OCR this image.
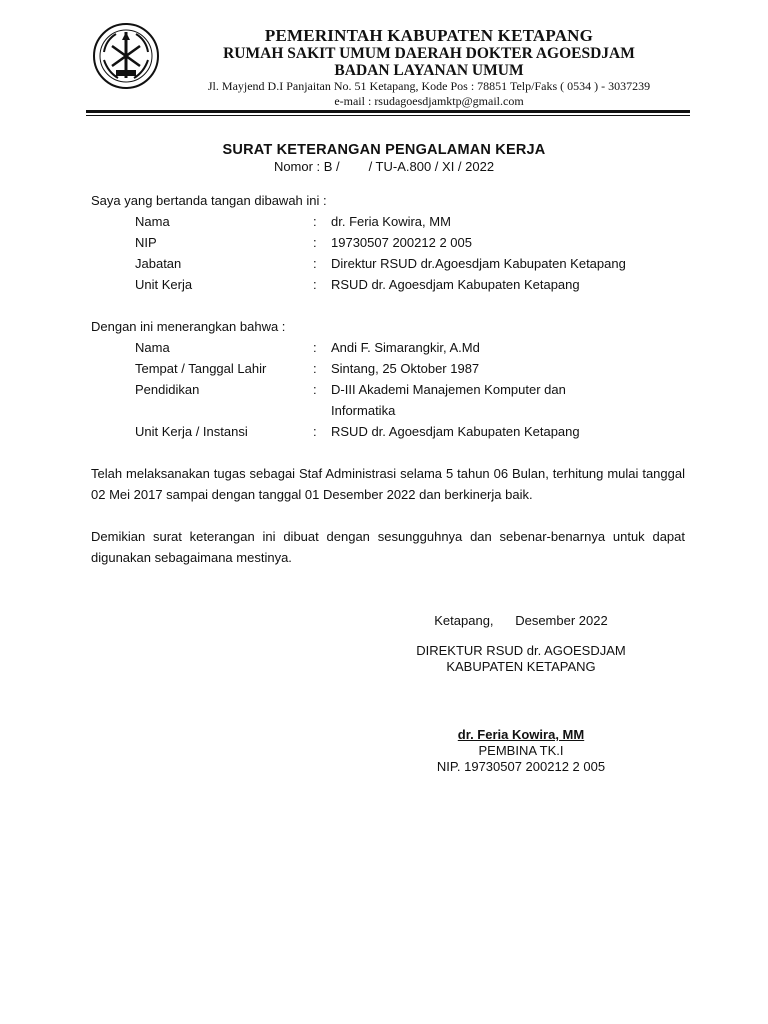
PEMERINTAH KABUPATEN KETAPANG
RUMAH SAKIT UMUM DAERAH DOKTER AGOESDJAM
BADAN LAYANAN UMUM
Jl. Mayjend D.I Panjaitan No. 51 Ketapang, Kode Pos : 78851 Telp/Faks ( 0534 ) - 3037239
e-mail : rsudagoesdjamktp@gmail.com
SURAT KETERANGAN PENGALAMAN KERJA
Nomor : B /        / TU-A.800 / XI / 2022
Saya yang bertanda tangan dibawah ini :
Nama	: dr. Feria Kowira, MM
NIP	: 19730507 200212 2 005
Jabatan	: Direktur RSUD dr.Agoesdjam Kabupaten Ketapang
Unit Kerja	: RSUD dr. Agoesdjam Kabupaten Ketapang
Dengan ini menerangkan bahwa :
Nama	: Andi F. Simarangkir, A.Md
Tempat / Tanggal Lahir	: Sintang, 25 Oktober 1987
Pendidikan	: D-III Akademi Manajemen Komputer dan
Informatika
Unit Kerja / Instansi	: RSUD dr. Agoesdjam Kabupaten Ketapang
Telah melaksanakan tugas sebagai Staf Administrasi selama 5 tahun 06 Bulan, terhitung mulai tanggal 02 Mei 2017 sampai dengan tanggal 01 Desember 2022 dan berkinerja baik.
Demikian surat keterangan ini dibuat dengan sesungguhnya dan sebenar-benarnya untuk dapat digunakan sebagaimana mestinya.
Ketapang,      Desember 2022
DIREKTUR RSUD dr. AGOESDJAM
KABUPATEN KETAPANG
dr. Feria Kowira, MM
PEMBINA TK.I
NIP. 19730507 200212 2 005
